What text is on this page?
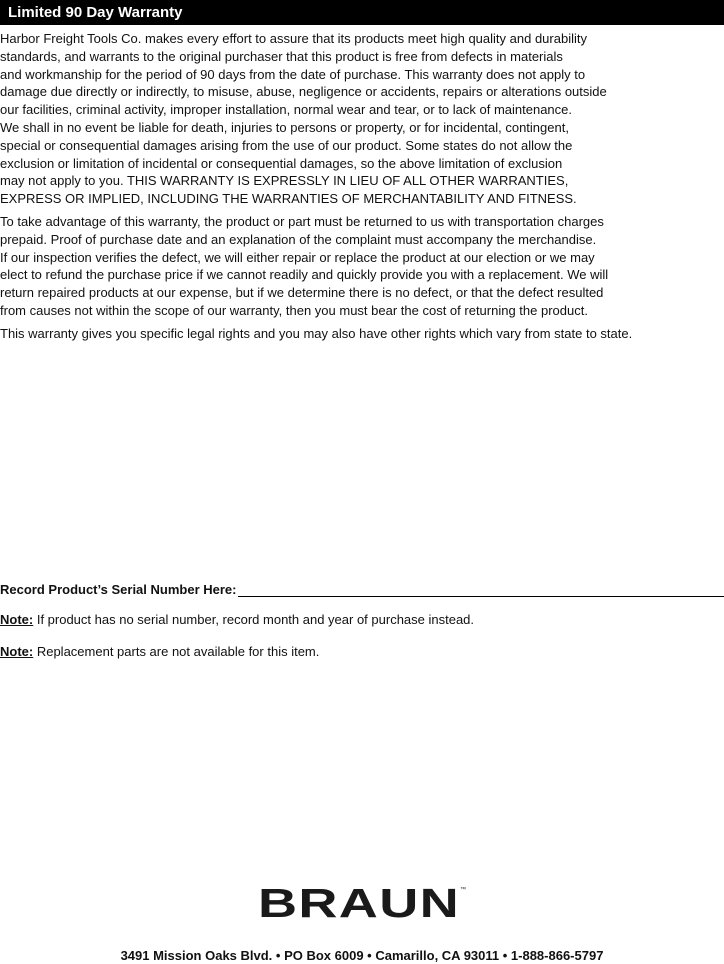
Limited 90 Day Warranty
Harbor Freight Tools Co. makes every effort to assure that its products meet high quality and durability
standards, and warrants to the original purchaser that this product is free from defects in materials
and workmanship for the period of 90 days from the date of purchase. This warranty does not apply to
damage due directly or indirectly, to misuse, abuse, negligence or accidents, repairs or alterations outside
our facilities, criminal activity, improper installation, normal wear and tear, or to lack of maintenance.
We shall in no event be liable for death, injuries to persons or property, or for incidental, contingent,
special or consequential damages arising from the use of our product. Some states do not allow the
exclusion or limitation of incidental or consequential damages, so the above limitation of exclusion
may not apply to you. THIS WARRANTY IS EXPRESSLY IN LIEU OF ALL OTHER WARRANTIES,
EXPRESS OR IMPLIED, INCLUDING THE WARRANTIES OF MERCHANTABILITY AND FITNESS.
To take advantage of this warranty, the product or part must be returned to us with transportation charges
prepaid. Proof of purchase date and an explanation of the complaint must accompany the merchandise.
If our inspection verifies the defect, we will either repair or replace the product at our election or we may
elect to refund the purchase price if we cannot readily and quickly provide you with a replacement. We will
return repaired products at our expense, but if we determine there is no defect, or that the defect resulted
from causes not within the scope of our warranty, then you must bear the cost of returning the product.
This warranty gives you specific legal rights and you may also have other rights which vary from state to state.
Record Product’s Serial Number Here:
Note: If product has no serial number, record month and year of purchase instead.
Note: Replacement parts are not available for this item.
BRAUN ™
3491 Mission Oaks Blvd. • PO Box 6009 • Camarillo, CA 93011 • 1-888-866-5797
